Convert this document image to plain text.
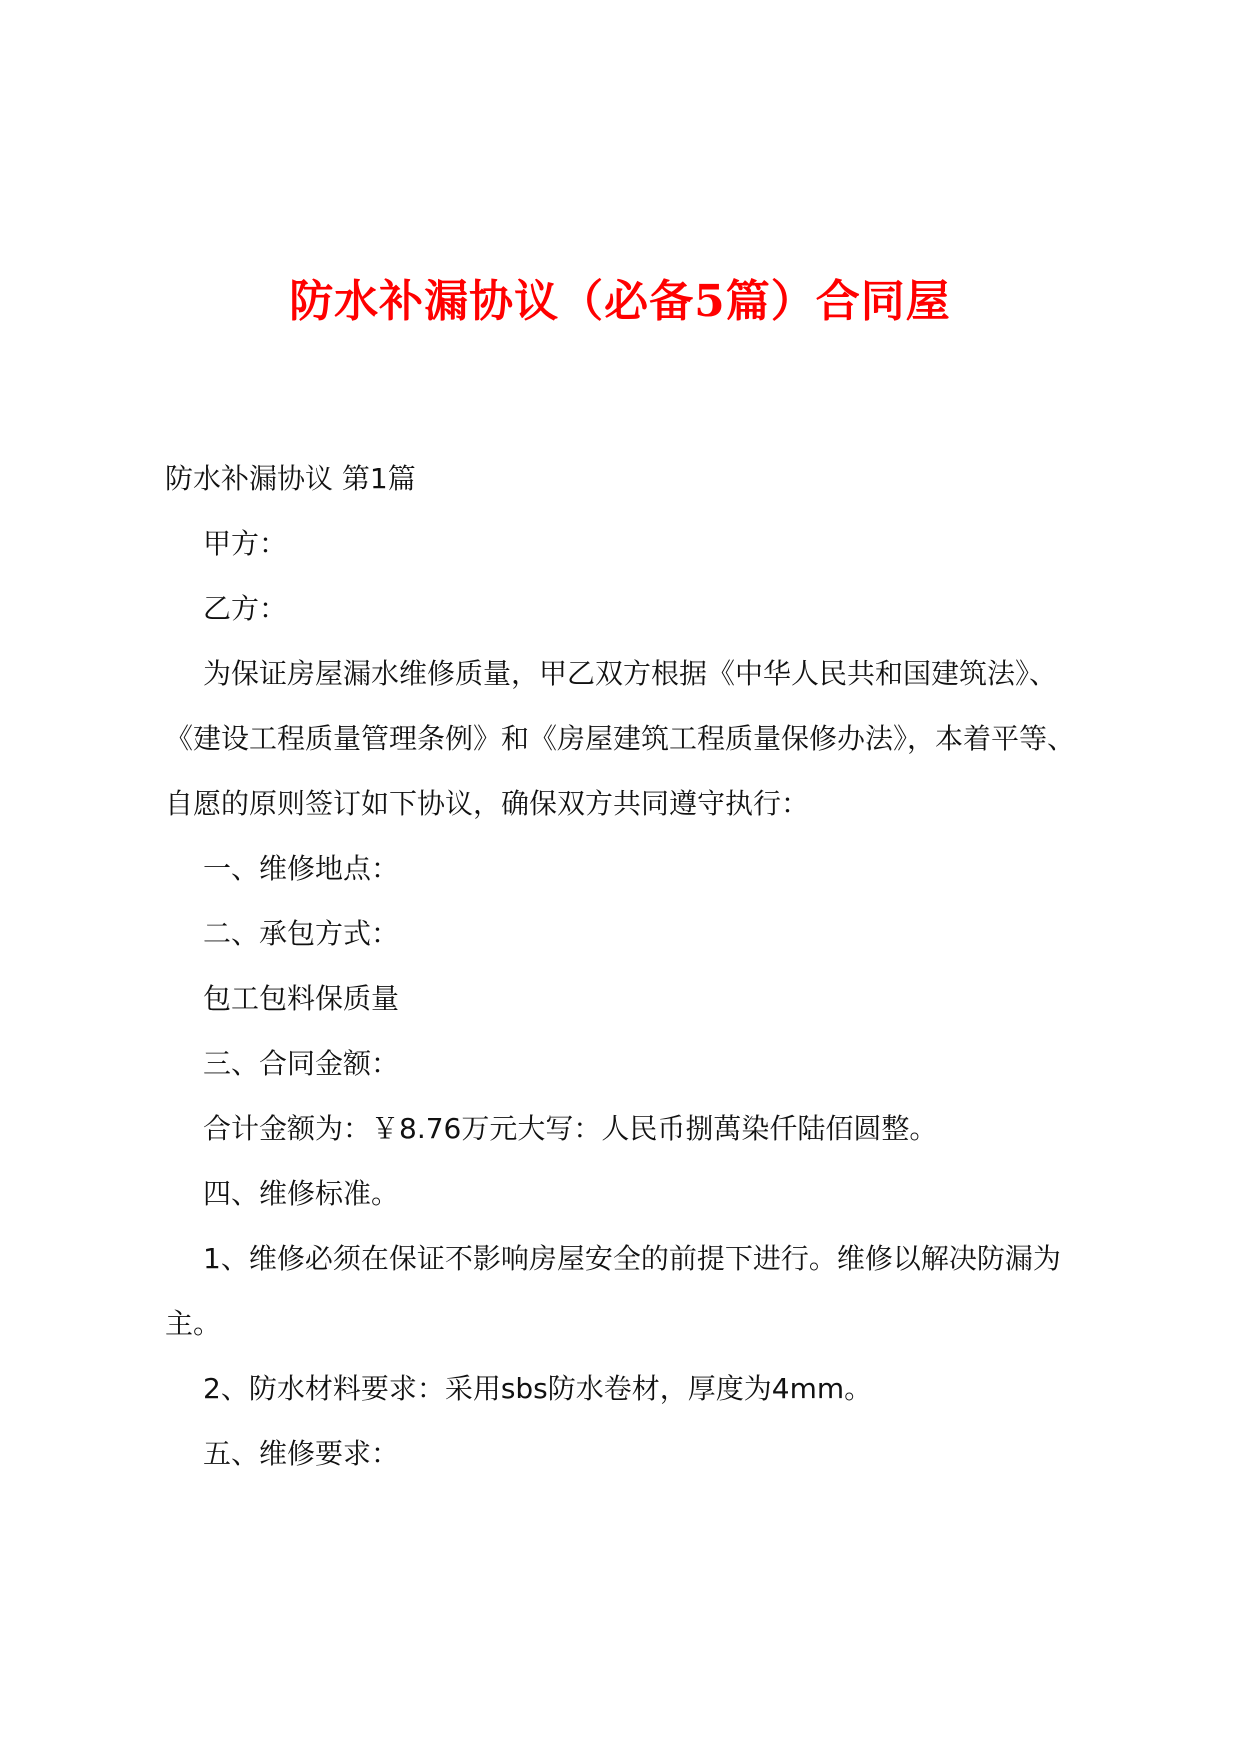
防水补漏协议（必备5篇）合同屋

防水补漏协议 第1篇

甲方：

乙方：

为保证房屋漏水维修质量，甲乙双方根据《中华人民共和国建筑法》、《建设工程质量管理条例》和《房屋建筑工程质量保修办法》，本着平等、自愿的原则签订如下协议，确保双方共同遵守执行：

一、维修地点：

二、承包方式：

包工包料保质量

三、合同金额：

合计金额为：￥8.76万元大写：人民币捌萬染仟陆佰圆整。

四、维修标准。

1、维修必须在保证不影响房屋安全的前提下进行。维修以解决防漏为主。

2、防水材料要求：采用sbs防水卷材，厚度为4mm。

五、维修要求：
